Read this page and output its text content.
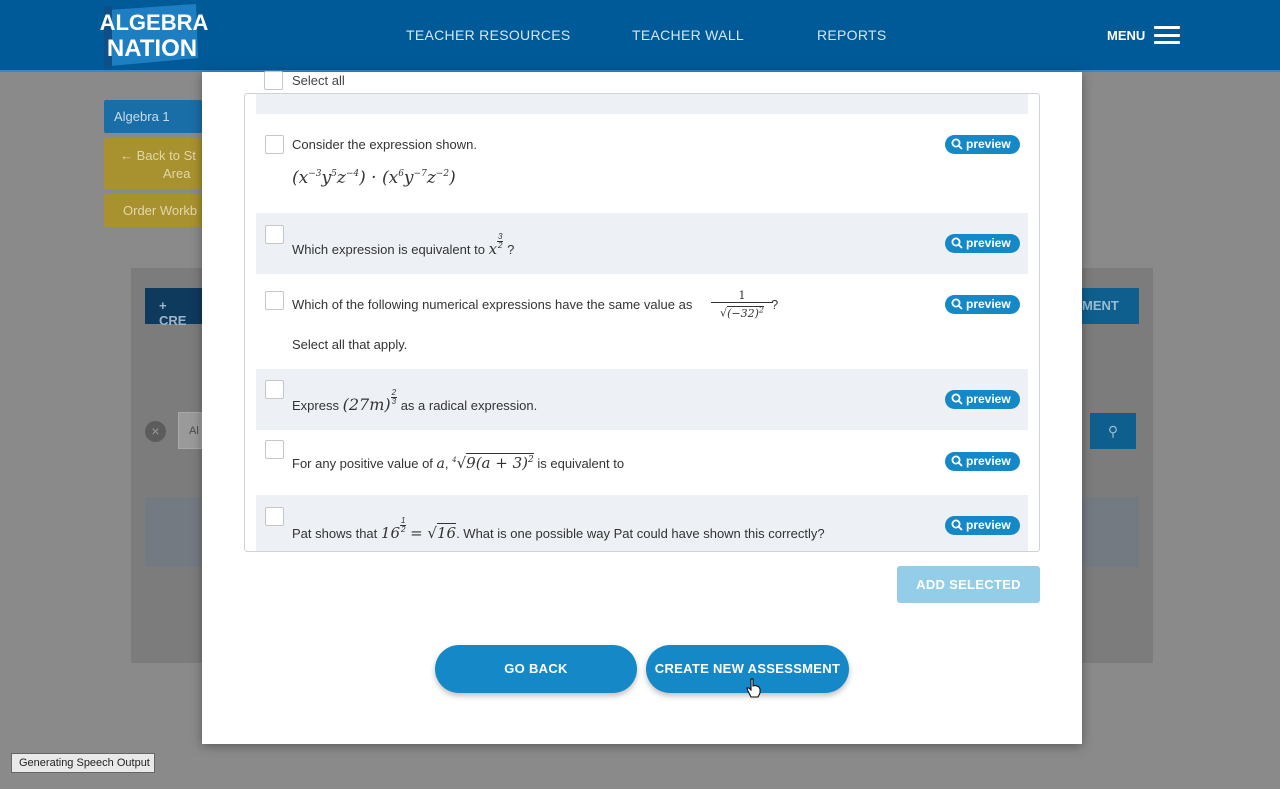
ALGEBRA
NATION	TEACHER RESOURCES	TEACHER WALL	REPORTS	MENU
Algebra 1
← Back to St
Area
Order Workb
+ CRE
MENT
×	Al	⚲
Select all
Consider the expression shown.
$(x^{-3}y^5z^{-4}) \cdot (x^6y^{-7}z^{-2})$
preview
Which expression is equivalent to x $\frac{3}{2}$ ?	preview
Which of the following numerical expressions have the same value as
1
$√(-32)^2$ ?
Select all that apply.
preview
Express $(27m) \frac{2}{3}$ as a radical expression.	preview
For any positive value of a, $^4√9(a + 3)^2$ is equivalent to	preview
Pat shows that $16 \frac{1}{2} = √16$. What is one possible way Pat could have shown this correctly?
preview
ADD SELECTED
GO BACK	CREATE NEW ASSESSMENT
Generating Speech Output
